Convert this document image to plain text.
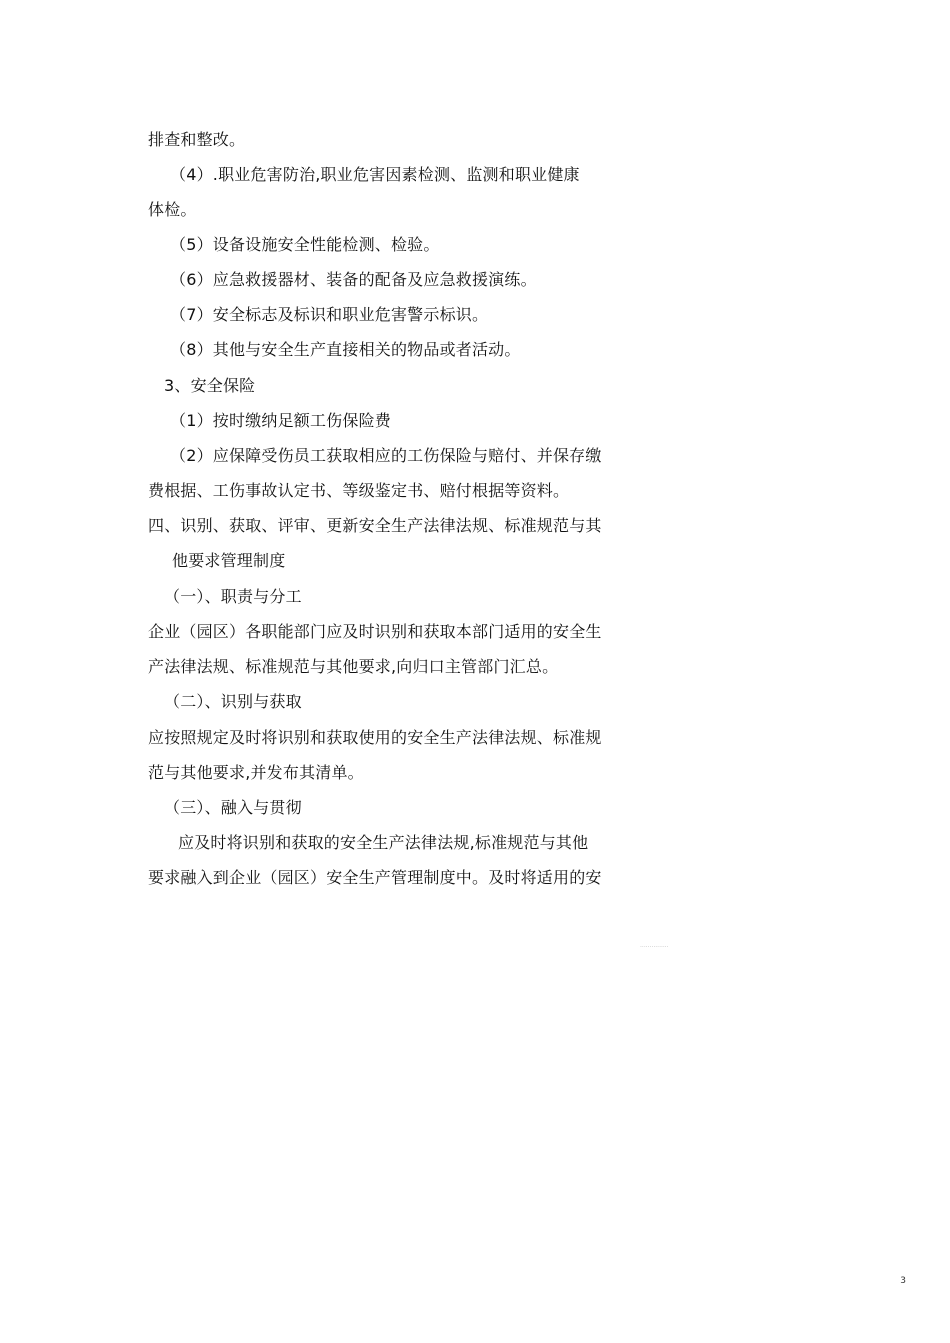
排查和整改。
（4）.职业危害防治,职业危害因素检测、监测和职业健康
体检。
（5）设备设施安全性能检测、检验。
（6）应急救援器材、装备的配备及应急救援演练。
（7）安全标志及标识和职业危害警示标识。
（8）其他与安全生产直接相关的物品或者活动。
3、安全保险
（1）按时缴纳足额工伤保险费
（2）应保障受伤员工获取相应的工伤保险与赔付、并保存缴
费根据、工伤事故认定书、等级鉴定书、赔付根据等资料。
四、识别、获取、评审、更新安全生产法律法规、标准规范与其
他要求管理制度
（一）、职责与分工
企业（园区）各职能部门应及时识别和获取本部门适用的安全生
产法律法规、标准规范与其他要求,向归口主管部门汇总。
（二）、识别与获取
应按照规定及时将识别和获取使用的安全生产法律法规、标准规
范与其他要求,并发布其清单。
（三）、融入与贯彻
应及时将识别和获取的安全生产法律法规,标准规范与其他
要求融入到企业（园区）安全生产管理制度中。及时将适用的安
...............
3
